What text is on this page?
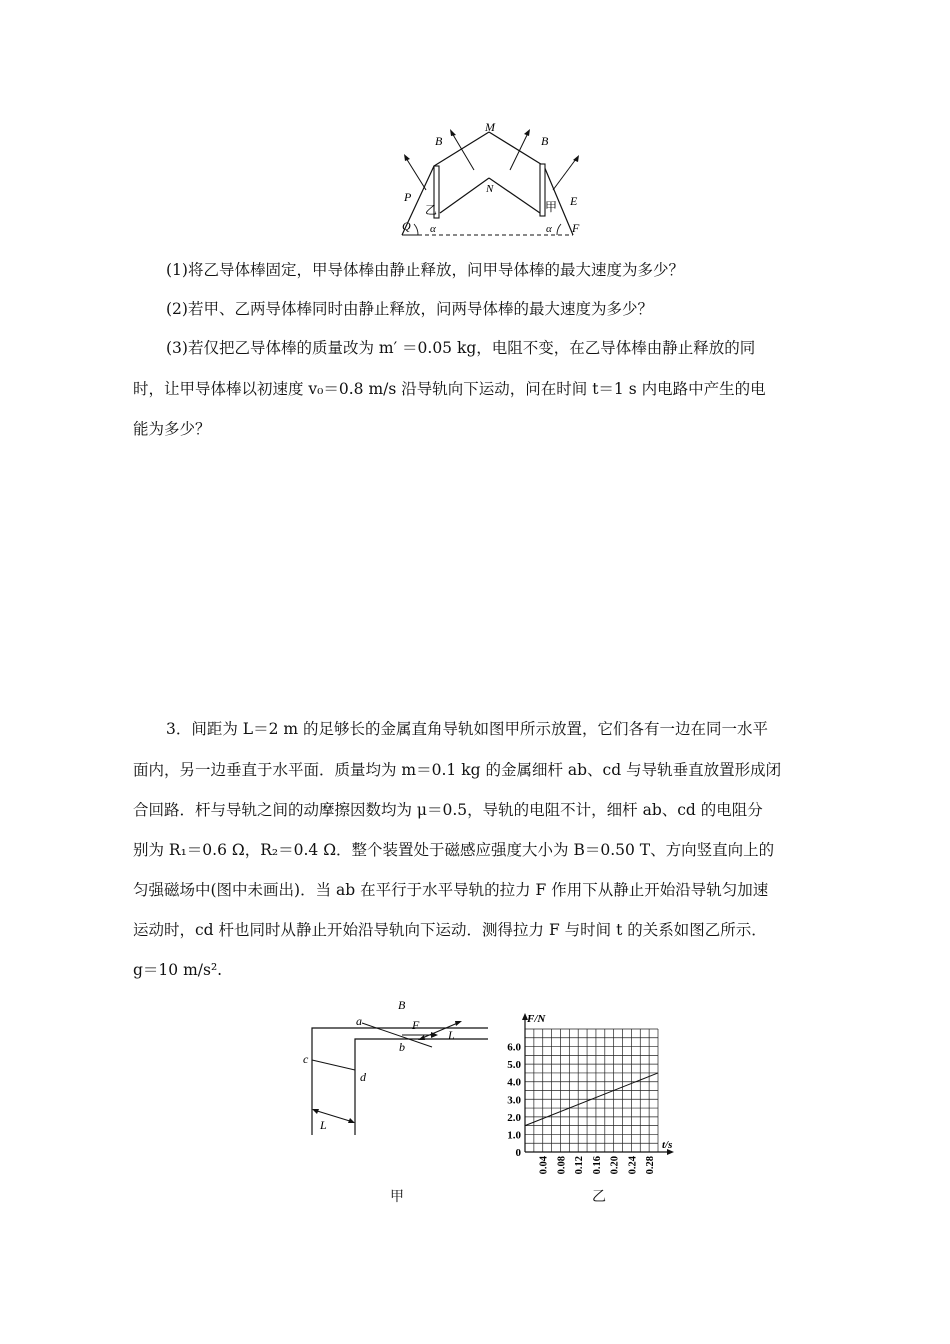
M
N
B	B
P
Q
E
F
乙	甲
α	α
(1)将乙导体棒固定，甲导体棒由静止释放，问甲导体棒的最大速度为多少？
(2)若甲、乙两导体棒同时由静止释放，问两导体棒的最大速度为多少？
(3)若仅把乙导体棒的质量改为 m′ ＝0.05 kg，电阻不变，在乙导体棒由静止释放的同
时，让甲导体棒以初速度 v₀＝0.8 m/s 沿导轨向下运动，问在时间 t＝1 s 内电路中产生的电
能为多少？
3．间距为 L＝2 m 的足够长的金属直角导轨如图甲所示放置，它们各有一边在同一水平
面内，另一边垂直于水平面．质量均为 m＝0.1 kg 的金属细杆 ab、cd 与导轨垂直放置形成闭
合回路．杆与导轨之间的动摩擦因数均为 μ＝0.5，导轨的电阻不计，细杆 ab、cd 的电阻分
别为 R₁＝0.6 Ω，R₂＝0.4 Ω．整个装置处于磁感应强度大小为 B＝0.50 T、方向竖直向上的
匀强磁场中(图中未画出)．当 ab 在平行于水平导轨的拉力 F 作用下从静止开始沿导轨匀加速
运动时，cd 杆也同时从静止开始沿导轨向下运动．测得拉力 F 与时间 t 的关系如图乙所示．
g＝10 m/s².
B
a
b
c
d
F
L
L
甲
F/N
t/s
0
1.0
2.0
3.0
4.0
5.0
6.0
0.04 0.08 0.12 0.16 0.20 0.24 0.28
乙
